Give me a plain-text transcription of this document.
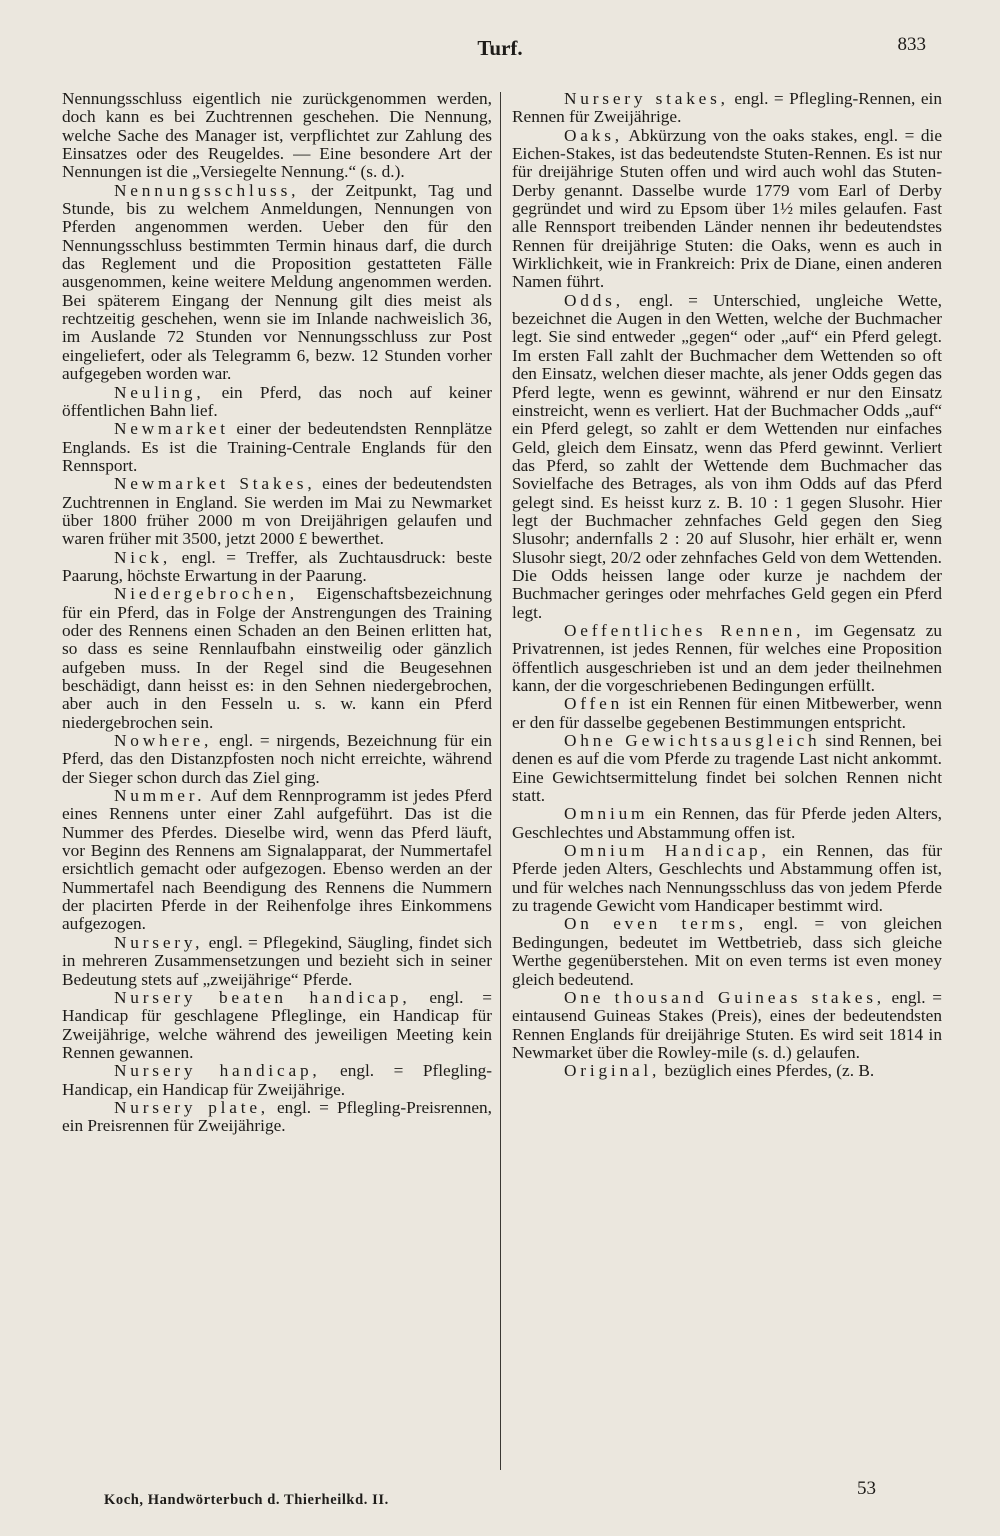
Turf.	833

Nennungsschluss eigentlich nie zurückgenommen werden, doch kann es bei Zuchtrennen geschehen. Die Nennung, welche Sache des Manager ist, verpflichtet zur Zahlung des Einsatzes oder des Reugeldes. — Eine besondere Art der Nennungen ist die „Versiegelte Nennung.“ (s. d.).

Nennungsschluss, der Zeitpunkt, Tag und Stunde, bis zu welchem Anmeldungen, Nennungen von Pferden angenommen werden. Ueber den für den Nennungsschluss bestimmten Termin hinaus darf, die durch das Reglement und die Proposition gestatteten Fälle ausgenommen, keine weitere Meldung angenommen werden. Bei späterem Eingang der Nennung gilt dies meist als rechtzeitig geschehen, wenn sie im Inlande nachweislich 36, im Auslande 72 Stunden vor Nennungsschluss zur Post eingeliefert, oder als Telegramm 6, bezw. 12 Stunden vorher aufgegeben worden war.

Neuling, ein Pferd, das noch auf keiner öffentlichen Bahn lief.

Newmarket einer der bedeutendsten Rennplätze Englands. Es ist die Training-Centrale Englands für den Rennsport.

Newmarket Stakes, eines der bedeutendsten Zuchtrennen in England. Sie werden im Mai zu Newmarket über 1800 früher 2000 m von Dreijährigen gelaufen und waren früher mit 3500, jetzt 2000 £ bewerthet.

Nick, engl. = Treffer, als Zuchtausdruck: beste Paarung, höchste Erwartung in der Paarung.

Niedergebrochen, Eigenschaftsbezeichnung für ein Pferd, das in Folge der Anstrengungen des Training oder des Rennens einen Schaden an den Beinen erlitten hat, so dass es seine Rennlaufbahn einstweilig oder gänzlich aufgeben muss. In der Regel sind die Beugesehnen beschädigt, dann heisst es: in den Sehnen niedergebrochen, aber auch in den Fesseln u. s. w. kann ein Pferd niedergebrochen sein.

Nowhere, engl. = nirgends, Bezeichnung für ein Pferd, das den Distanzpfosten noch nicht erreichte, während der Sieger schon durch das Ziel ging.

Nummer. Auf dem Rennprogramm ist jedes Pferd eines Rennens unter einer Zahl aufgeführt. Das ist die Nummer des Pferdes. Dieselbe wird, wenn das Pferd läuft, vor Beginn des Rennens am Signalapparat, der Nummertafel ersichtlich gemacht oder aufgezogen. Ebenso werden an der Nummertafel nach Beendigung des Rennens die Nummern der placirten Pferde in der Reihenfolge ihres Einkommens aufgezogen.

Nursery, engl. = Pflegekind, Säugling, findet sich in mehreren Zusammensetzungen und bezieht sich in seiner Bedeutung stets auf „zweijährige“ Pferde.

Nursery beaten handicap, engl. = Handicap für geschlagene Pfleglinge, ein Handicap für Zweijährige, welche während des jeweiligen Meeting kein Rennen gewannen.

Nursery handicap, engl. = Pflegling-Handicap, ein Handicap für Zweijährige.

Nursery plate, engl. = Pflegling-Preisrennen, ein Preisrennen für Zweijährige.

Nursery stakes, engl. = Pflegling-Rennen, ein Rennen für Zweijährige.

Oaks, Abkürzung von the oaks stakes, engl. = die Eichen-Stakes, ist das bedeutendste Stuten-Rennen. Es ist nur für dreijährige Stuten offen und wird auch wohl das Stuten-Derby genannt. Dasselbe wurde 1779 vom Earl of Derby gegründet und wird zu Epsom über 1½ miles gelaufen. Fast alle Rennsport treibenden Länder nennen ihr bedeutendstes Rennen für dreijährige Stuten: die Oaks, wenn es auch in Wirklichkeit, wie in Frankreich: Prix de Diane, einen anderen Namen führt.

Odds, engl. = Unterschied, ungleiche Wette, bezeichnet die Augen in den Wetten, welche der Buchmacher legt. Sie sind entweder „gegen“ oder „auf“ ein Pferd gelegt. Im ersten Fall zahlt der Buchmacher dem Wettenden so oft den Einsatz, welchen dieser machte, als jener Odds gegen das Pferd legte, wenn es gewinnt, während er nur den Einsatz einstreicht, wenn es verliert. Hat der Buchmacher Odds „auf“ ein Pferd gelegt, so zahlt er dem Wettenden nur einfaches Geld, gleich dem Einsatz, wenn das Pferd gewinnt. Verliert das Pferd, so zahlt der Wettende dem Buchmacher das Sovielfache des Betrages, als von ihm Odds auf das Pferd gelegt sind. Es heisst kurz z. B. 10 : 1 gegen Slusohr. Hier legt der Buchmacher zehnfaches Geld gegen den Sieg Slusohr; andernfalls 2 : 20 auf Slusohr, hier erhält er, wenn Slusohr siegt, 20/2 oder zehnfaches Geld von dem Wettenden. Die Odds heissen lange oder kurze je nachdem der Buchmacher geringes oder mehrfaches Geld gegen ein Pferd legt.

Oeffentliches Rennen, im Gegensatz zu Privatrennen, ist jedes Rennen, für welches eine Proposition öffentlich ausgeschrieben ist und an dem jeder theilnehmen kann, der die vorgeschriebenen Bedingungen erfüllt.

Offen ist ein Rennen für einen Mitbewerber, wenn er den für dasselbe gegebenen Bestimmungen entspricht.

Ohne Gewichtsausgleich sind Rennen, bei denen es auf die vom Pferde zu tragende Last nicht ankommt. Eine Gewichtsermittelung findet bei solchen Rennen nicht statt.

Omnium ein Rennen, das für Pferde jeden Alters, Geschlechtes und Abstammung offen ist.

Omnium Handicap, ein Rennen, das für Pferde jeden Alters, Geschlechts und Abstammung offen ist, und für welches nach Nennungsschluss das von jedem Pferde zu tragende Gewicht vom Handicaper bestimmt wird.

On even terms, engl. = von gleichen Bedingungen, bedeutet im Wettbetrieb, dass sich gleiche Werthe gegenüberstehen. Mit on even terms ist even money gleich bedeutend.

One thousand Guineas stakes, engl. = eintausend Guineas Stakes (Preis), eines der bedeutendsten Rennen Englands für dreijährige Stuten. Es wird seit 1814 in Newmarket über die Rowley-mile (s. d.) gelaufen.

Original, bezüglich eines Pferdes, (z. B.

Koch, Handwörterbuch d. Thierheilkd. II.
53
